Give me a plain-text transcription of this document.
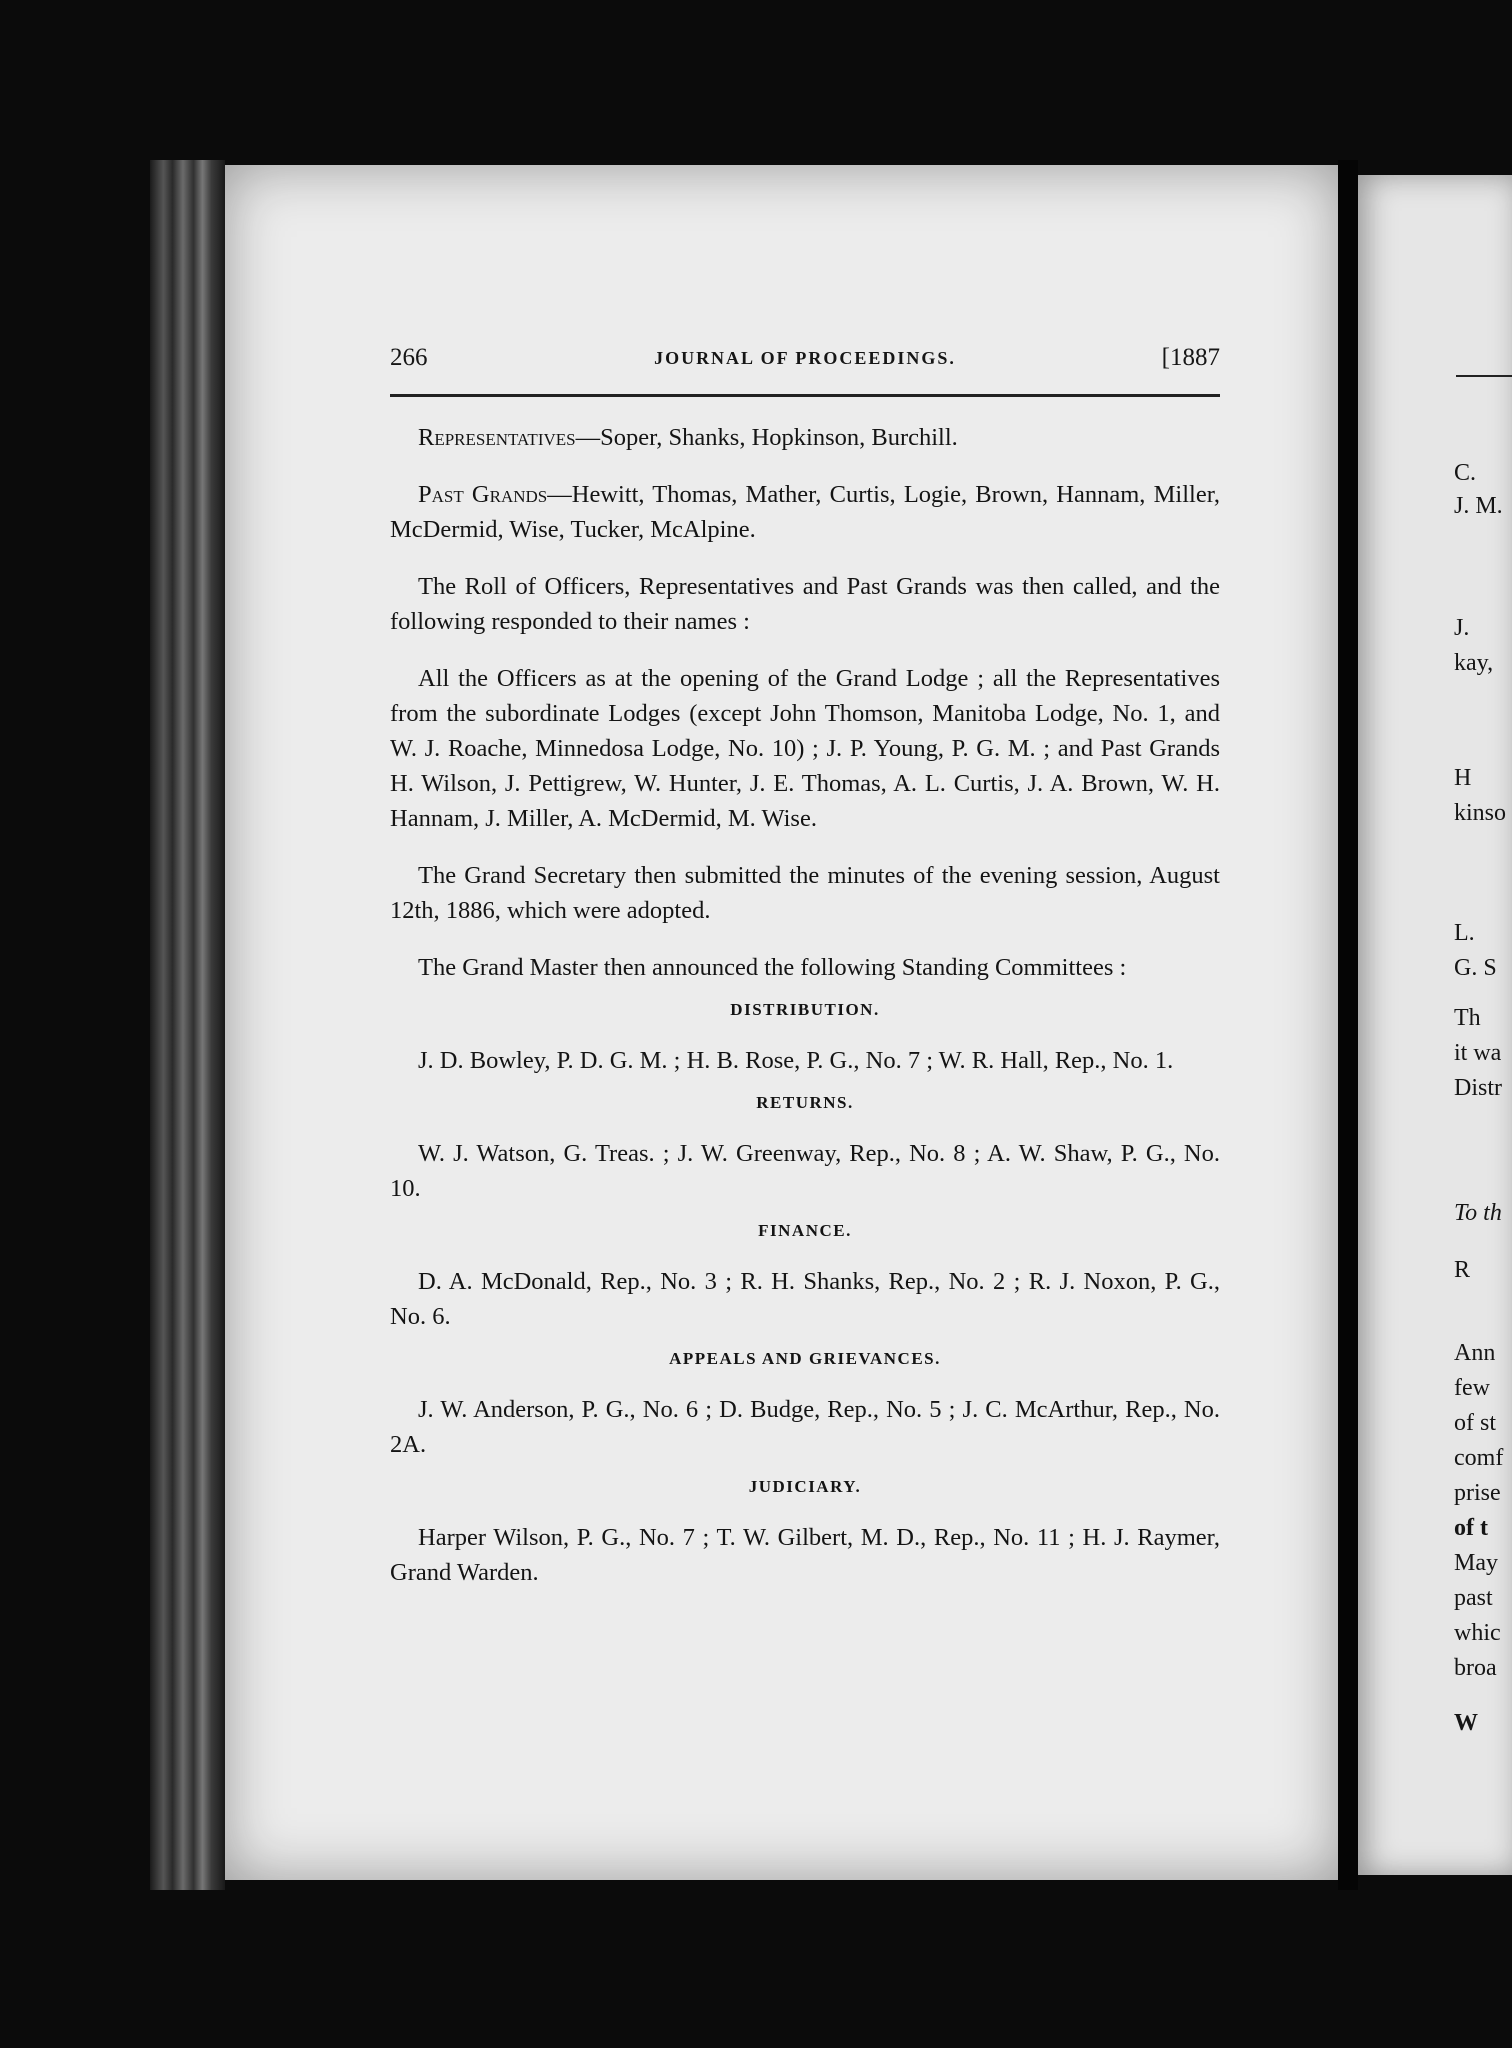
C.
J. M.
J.
kay,
H
kinso
L.
G. S
Th
it wa
Distr
To th
R
Ann
few
of st
comf
prise
of t
May
past
whic
broa
W
266	JOURNAL OF PROCEEDINGS.	[1887

Representatives—Soper, Shanks, Hopkinson, Burchill.

Past Grands—Hewitt, Thomas, Mather, Curtis, Logie, Brown, Hannam, Miller, McDermid, Wise, Tucker, McAlpine.

The Roll of Officers, Representatives and Past Grands was then called, and the following responded to their names :

All the Officers as at the opening of the Grand Lodge ; all the Representatives from the subordinate Lodges (except John Thomson, Manitoba Lodge, No. 1, and W. J. Roache, Minnedosa Lodge, No. 10) ; J. P. Young, P. G. M. ; and Past Grands H. Wilson, J. Pettigrew, W. Hunter, J. E. Thomas, A. L. Curtis, J. A. Brown, W. H. Hannam, J. Miller, A. McDermid, M. Wise.

The Grand Secretary then submitted the minutes of the evening session, August 12th, 1886, which were adopted.

The Grand Master then announced the following Standing Committees :

DISTRIBUTION.

J. D. Bowley, P. D. G. M. ; H. B. Rose, P. G., No. 7 ; W. R. Hall, Rep., No. 1.

RETURNS.

W. J. Watson, G. Treas. ; J. W. Greenway, Rep., No. 8 ; A. W. Shaw, P. G., No. 10.

FINANCE.

D. A. McDonald, Rep., No. 3 ; R. H. Shanks, Rep., No. 2 ; R. J. Noxon, P. G., No. 6.

APPEALS AND GRIEVANCES.

J. W. Anderson, P. G., No. 6 ; D. Budge, Rep., No. 5 ; J. C. McArthur, Rep., No. 2A.

JUDICIARY.

Harper Wilson, P. G., No. 7 ; T. W. Gilbert, M. D., Rep., No. 11 ; H. J. Raymer, Grand Warden.
